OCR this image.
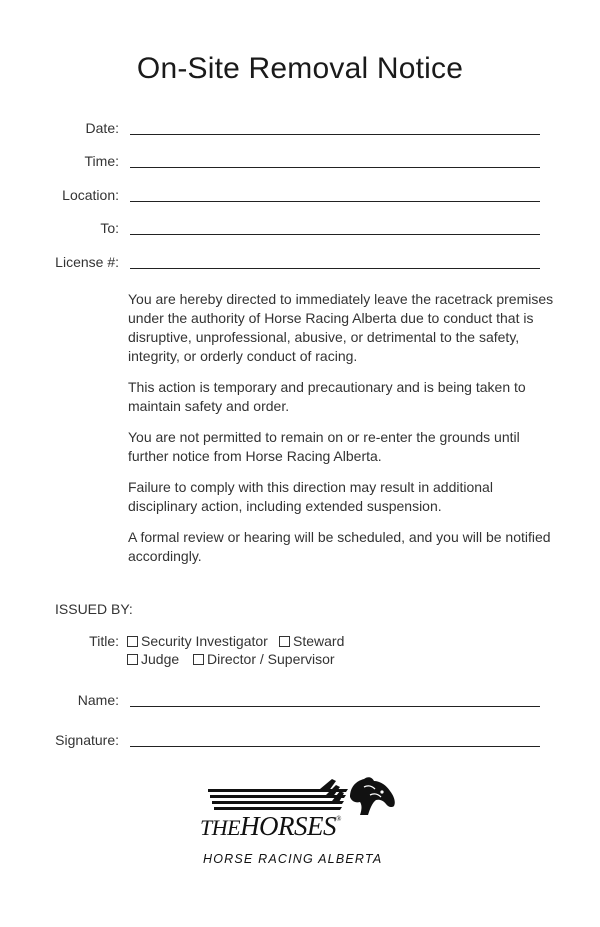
On-Site Removal Notice
Date:
Time:
Location:
To:
License #:

You are hereby directed to immediately leave the racetrack premises under the authority of Horse Racing Alberta due to conduct that is disruptive, unprofessional, abusive, or detrimental to the safety, integrity, or orderly conduct of racing.

This action is temporary and precautionary and is being taken to maintain safety and order.

You are not permitted to remain on or re-enter the grounds until further notice from Horse Racing Alberta.

Failure to comply with this direction may result in additional disciplinary action, including extended suspension.

A formal review or hearing will be scheduled, and you will be notified accordingly.

ISSUED BY:
Title: Security Investigator Steward
Judge Director / Supervisor
Name:
Signature:
THEHORSES®
HORSE RACING ALBERTA
